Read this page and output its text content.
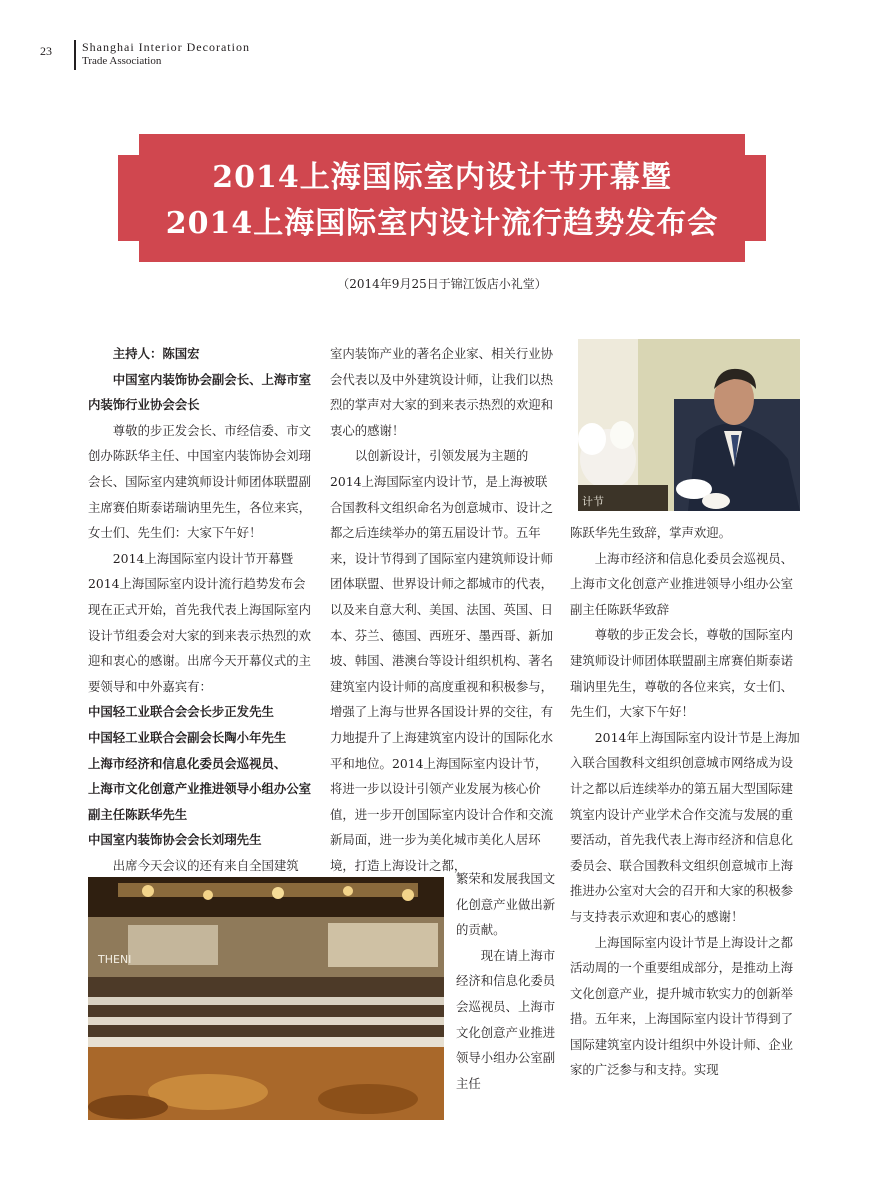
23	Shanghai Interior Decoration
Trade Association
2014上海国际室内设计节开幕暨
2014上海国际室内设计流行趋势发布会
（2014年9月25日于锦江饭店小礼堂）

主持人：陈国宏

中国室内装饰协会副会长、上海市室内装饰行业协会会长

尊敬的步正发会长、市经信委、市文创办陈跃华主任、中国室内装饰协会刘珝会长、国际室内建筑师设计师团体联盟副主席赛伯斯泰诺瑞讷里先生，各位来宾，女士们、先生们：大家下午好！

2014上海国际室内设计节开幕暨2014上海国际室内设计流行趋势发布会现在正式开始，首先我代表上海国际室内设计节组委会对大家的到来表示热烈的欢迎和衷心的感谢。出席今天开幕仪式的主要领导和中外嘉宾有：

中国轻工业联合会会长步正发先生

中国轻工业联合会副会长陶小年先生

上海市经济和信息化委员会巡视员、

上海市文化创意产业推进领导小组办公室副主任陈跃华先生

中国室内装饰协会会长刘珝先生

出席今天会议的还有来自全国建筑

室内装饰产业的著名企业家、相关行业协会代表以及中外建筑设计师，让我们以热烈的掌声对大家的到来表示热烈的欢迎和衷心的感谢！

以创新设计，引领发展为主题的2014上海国际室内设计节，是上海被联合国教科文组织命名为创意城市、设计之都之后连续举办的第五届设计节。五年来，设计节得到了国际室内建筑师设计师团体联盟、世界设计师之都城市的代表，以及来自意大利、美国、法国、英国、日本、芬兰、德国、西班牙、墨西哥、新加坡、韩国、港澳台等设计组织机构、著名建筑室内设计师的高度重视和积极参与，增强了上海与世界各国设计界的交往，有力地提升了上海建筑室内设计的国际化水平和地位。2014上海国际室内设计节，将进一步以设计引领产业发展为核心价值，进一步开创国际室内设计合作和交流新局面，进一步为美化城市美化人居环境，打造上海设计之都，

繁荣和发展我国文化创意产业做出新的贡献。

现在请上海市经济和信息化委员会巡视员、上海市文化创意产业推进领导小组办公室副主任

计节
THENI

陈跃华先生致辞，掌声欢迎。

上海市经济和信息化委员会巡视员、上海市文化创意产业推进领导小组办公室副主任陈跃华致辞

尊敬的步正发会长，尊敬的国际室内建筑师设计师团体联盟副主席赛伯斯泰诺瑞讷里先生，尊敬的各位来宾，女士们、先生们，大家下午好！

2014年上海国际室内设计节是上海加入联合国教科文组织创意城市网络成为设计之都以后连续举办的第五届大型国际建筑室内设计产业学术合作交流与发展的重要活动，首先我代表上海市经济和信息化委员会、联合国教科文组织创意城市上海推进办公室对大会的召开和大家的积极参与支持表示欢迎和衷心的感谢！

上海国际室内设计节是上海设计之都活动周的一个重要组成部分，是推动上海文化创意产业，提升城市软实力的创新举措。五年来，上海国际室内设计节得到了国际建筑室内设计组织中外设计师、企业家的广泛参与和支持。实现
